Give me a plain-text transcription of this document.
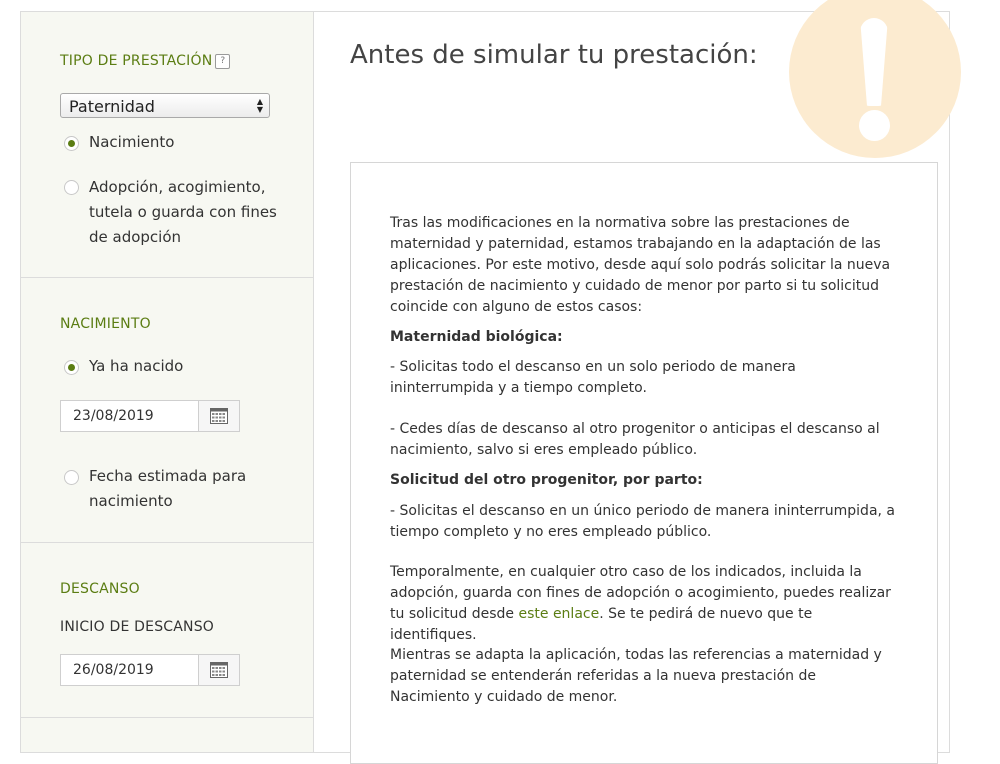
TIPO DE PRESTACIÓN ?
Paternidad	▲
▼
Nacimiento
Adopción, acogimiento, tutela o guarda con fines de adopción
NACIMIENTO
Ya ha nacido
23/08/2019
Fecha estimada para nacimiento
DESCANSO
INICIO DE DESCANSO
26/08/2019
Antes de simular tu prestación:

Tras las modificaciones en la normativa sobre las prestaciones de maternidad y paternidad, estamos trabajando en la adaptación de las aplicaciones. Por este motivo, desde aquí solo podrás solicitar la nueva prestación de nacimiento y cuidado de menor por parto si tu solicitud coincide con alguno de estos casos:

Maternidad biológica:

- Solicitas todo el descanso en un solo periodo de manera ininterrumpida y a tiempo completo.

- Cedes días de descanso al otro progenitor o anticipas el descanso al nacimiento, salvo si eres empleado público.

Solicitud del otro progenitor, por parto:

- Solicitas el descanso en un único periodo de manera ininterrumpida, a tiempo completo y no eres empleado público.

Temporalmente, en cualquier otro caso de los indicados, incluida la adopción, guarda con fines de adopción o acogimiento, puedes realizar tu solicitud desde este enlace. Se te pedirá de nuevo que te identifiques.

Mientras se adapta la aplicación, todas las referencias a maternidad y paternidad se entenderán referidas a la nueva prestación de Nacimiento y cuidado de menor.
